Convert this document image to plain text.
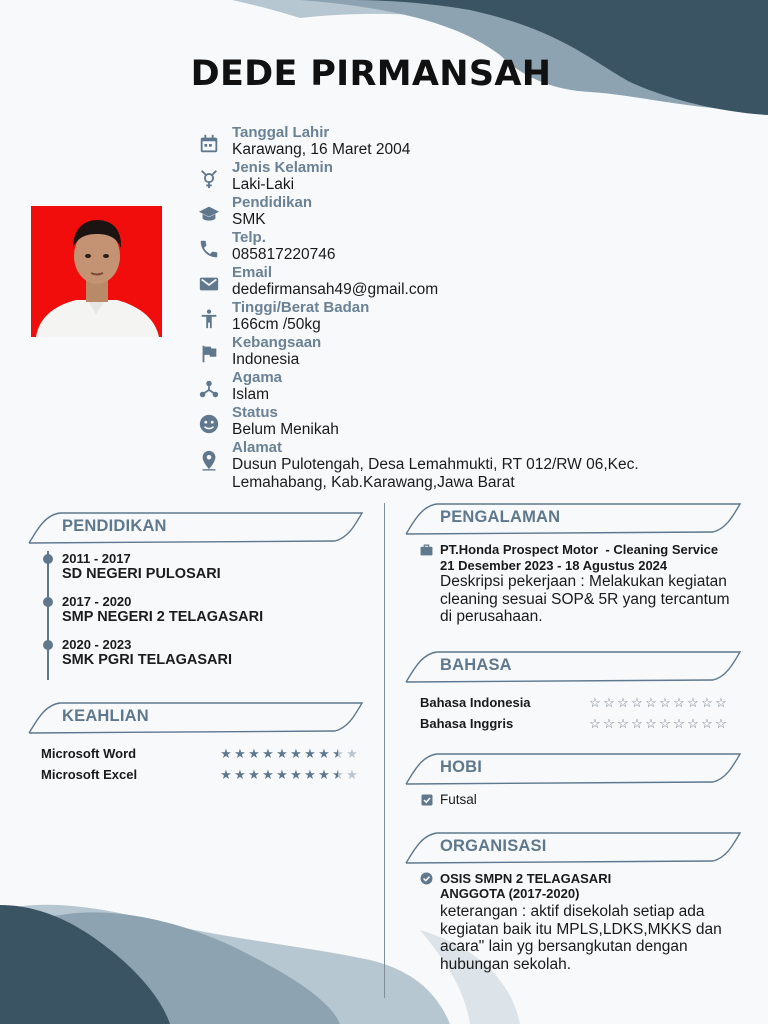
DEDE PIRMANSAH
Tanggal Lahir
Karawang, 16 Maret 2004
Jenis Kelamin
Laki-Laki
Pendidikan
SMK
Telp.
085817220746
Email
dedefirmansah49@gmail.com
Tinggi/Berat Badan
166cm /50kg
Kebangsaan
Indonesia
Agama
Islam
Status
Belum Menikah
Alamat
Dusun Pulotengah, Desa Lemahmukti, RT 012/RW 06,Kec. Lemahabang, Kab.Karawang,Jawa Barat
PENDIDIKAN
2011 - 2017
SD NEGERI PULOSARI
2017 - 2020
SMP NEGERI 2 TELAGASARI
2020 - 2023
SMK PGRI TELAGASARI
KEAHLIAN
Microsoft Word	★ ★ ★ ★ ★ ★ ★ ★ ★ ★
Microsoft Excel	★ ★ ★ ★ ★ ★ ★ ★ ★ ★
PENGALAMAN
PT.Honda Prospect Motor  - Cleaning Service
21 Desember 2023 - 18 Agustus 2024
Deskripsi pekerjaan : Melakukan kegiatan cleaning sesuai SOP& 5R yang tercantum di perusahaan.
BAHASA
Bahasa Indonesia	☆ ☆ ☆ ☆ ☆ ☆ ☆ ☆ ☆ ☆
Bahasa Inggris	☆ ☆ ☆ ☆ ☆ ☆ ☆ ☆ ☆ ☆
HOBI
Futsal
ORGANISASI
OSIS SMPN 2 TELAGASARI
ANGGOTA (2017-2020)
keterangan : aktif disekolah setiap ada kegiatan baik itu MPLS,LDKS,MKKS dan acara" lain yg bersangkutan dengan hubungan sekolah.
